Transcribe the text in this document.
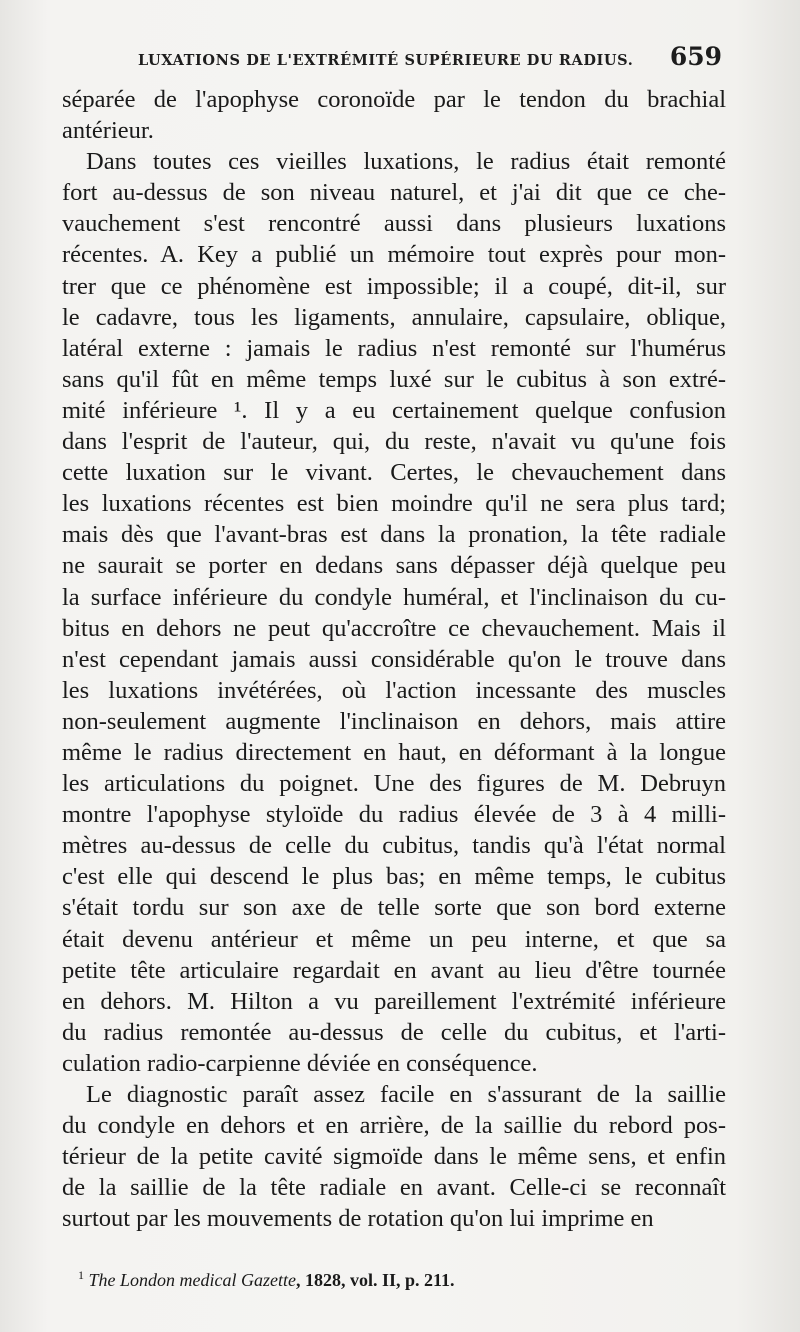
LUXATIONS DE L'EXTRÉMITÉ SUPÉRIEURE DU RADIUS. 659
séparée de l'apophyse coronoïde par le tendon du brachial
antérieur.
Dans toutes ces vieilles luxations, le radius était remonté
fort au-dessus de son niveau naturel, et j'ai dit que ce che-
vauchement s'est rencontré aussi dans plusieurs luxations
récentes. A. Key a publié un mémoire tout exprès pour mon-
trer que ce phénomène est impossible; il a coupé, dit-il, sur
le cadavre, tous les ligaments, annulaire, capsulaire, oblique,
latéral externe : jamais le radius n'est remonté sur l'humérus
sans qu'il fût en même temps luxé sur le cubitus à son extré-
mité inférieure ¹. Il y a eu certainement quelque confusion
dans l'esprit de l'auteur, qui, du reste, n'avait vu qu'une fois
cette luxation sur le vivant. Certes, le chevauchement dans
les luxations récentes est bien moindre qu'il ne sera plus tard;
mais dès que l'avant-bras est dans la pronation, la tête radiale
ne saurait se porter en dedans sans dépasser déjà quelque peu
la surface inférieure du condyle huméral, et l'inclinaison du cu-
bitus en dehors ne peut qu'accroître ce chevauchement. Mais il
n'est cependant jamais aussi considérable qu'on le trouve dans
les luxations invétérées, où l'action incessante des muscles
non-seulement augmente l'inclinaison en dehors, mais attire
même le radius directement en haut, en déformant à la longue
les articulations du poignet. Une des figures de M. Debruyn
montre l'apophyse styloïde du radius élevée de 3 à 4 milli-
mètres au-dessus de celle du cubitus, tandis qu'à l'état normal
c'est elle qui descend le plus bas; en même temps, le cubitus
s'était tordu sur son axe de telle sorte que son bord externe
était devenu antérieur et même un peu interne, et que sa
petite tête articulaire regardait en avant au lieu d'être tournée
en dehors. M. Hilton a vu pareillement l'extrémité inférieure
du radius remontée au-dessus de celle du cubitus, et l'arti-
culation radio-carpienne déviée en conséquence.
Le diagnostic paraît assez facile en s'assurant de la saillie
du condyle en dehors et en arrière, de la saillie du rebord pos-
térieur de la petite cavité sigmoïde dans le même sens, et enfin
de la saillie de la tête radiale en avant. Celle-ci se reconnaît
surtout par les mouvements de rotation qu'on lui imprime en
$^1$ The London medical Gazette, 1828, vol. II, p. 211.
